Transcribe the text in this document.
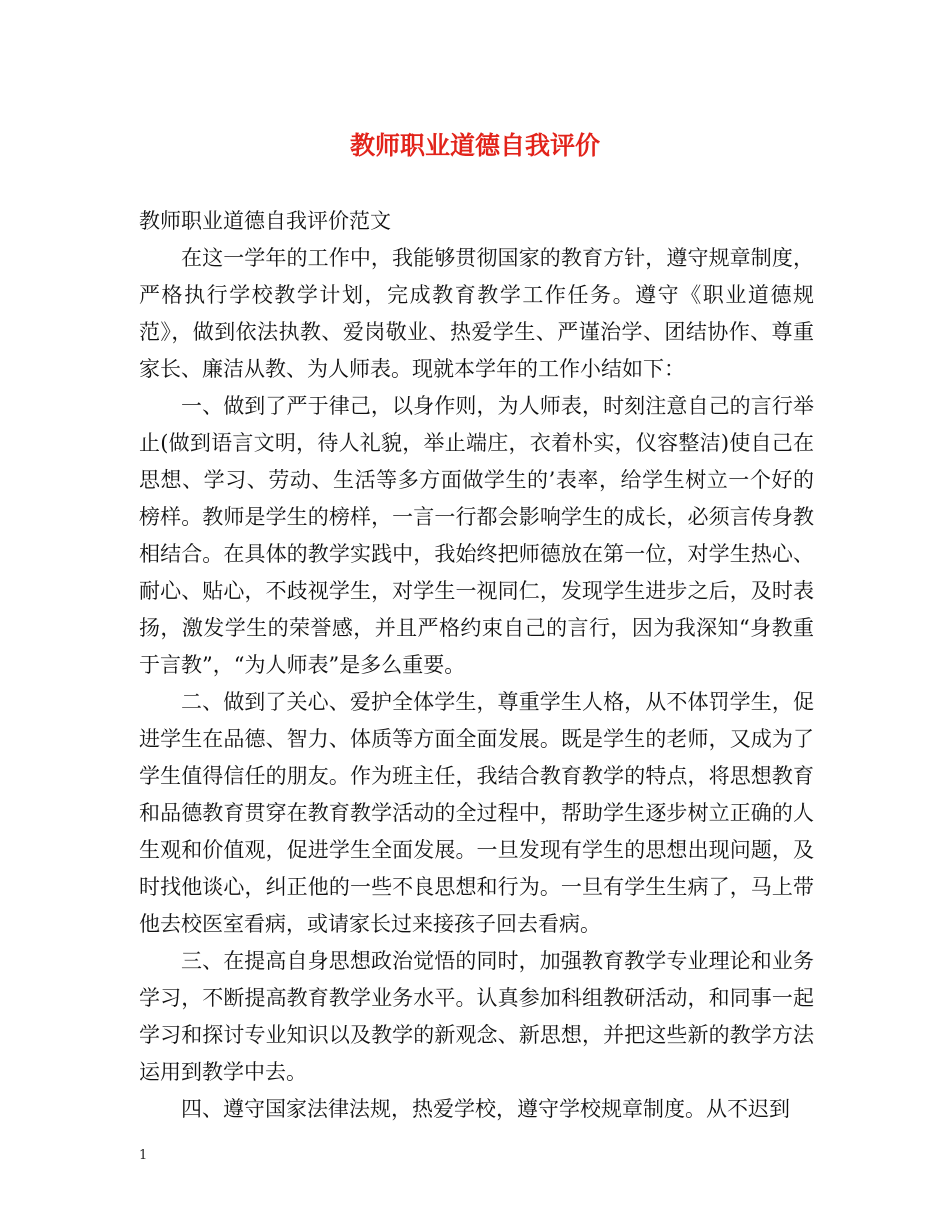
教师职业道德自我评价

教师职业道德自我评价范文

在这一学年的工作中，我能够贯彻国家的教育方针，遵守规章制度，严格执行学校教学计划，完成教育教学工作任务。遵守《职业道德规范》，做到依法执教、爱岗敬业、热爱学生、严谨治学、团结协作、尊重家长、廉洁从教、为人师表。现就本学年的工作小结如下：

一、做到了严于律己，以身作则，为人师表，时刻注意自己的言行举止(做到语言文明，待人礼貌，举止端庄，衣着朴实，仪容整洁)使自己在思想、学习、劳动、生活等多方面做学生的’表率，给学生树立一个好的榜样。教师是学生的榜样，一言一行都会影响学生的成长，必须言传身教相结合。在具体的教学实践中，我始终把师德放在第一位，对学生热心、耐心、贴心，不歧视学生，对学生一视同仁，发现学生进步之后，及时表扬，激发学生的荣誉感，并且严格约束自己的言行，因为我深知“身教重于言教”，“为人师表”是多么重要。

二、做到了关心、爱护全体学生，尊重学生人格，从不体罚学生，促进学生在品德、智力、体质等方面全面发展。既是学生的老师，又成为了学生值得信任的朋友。作为班主任，我结合教育教学的特点，将思想教育和品德教育贯穿在教育教学活动的全过程中，帮助学生逐步树立正确的人生观和价值观，促进学生全面发展。一旦发现有学生的思想出现问题，及时找他谈心，纠正他的一些不良思想和行为。一旦有学生生病了，马上带他去校医室看病，或请家长过来接孩子回去看病。

三、在提高自身思想政治觉悟的同时，加强教育教学专业理论和业务学习，不断提高教育教学业务水平。认真参加科组教研活动，和同事一起学习和探讨专业知识以及教学的新观念、新思想，并把这些新的教学方法运用到教学中去。

四、遵守国家法律法规，热爱学校，遵守学校规章制度。从不迟到

1
